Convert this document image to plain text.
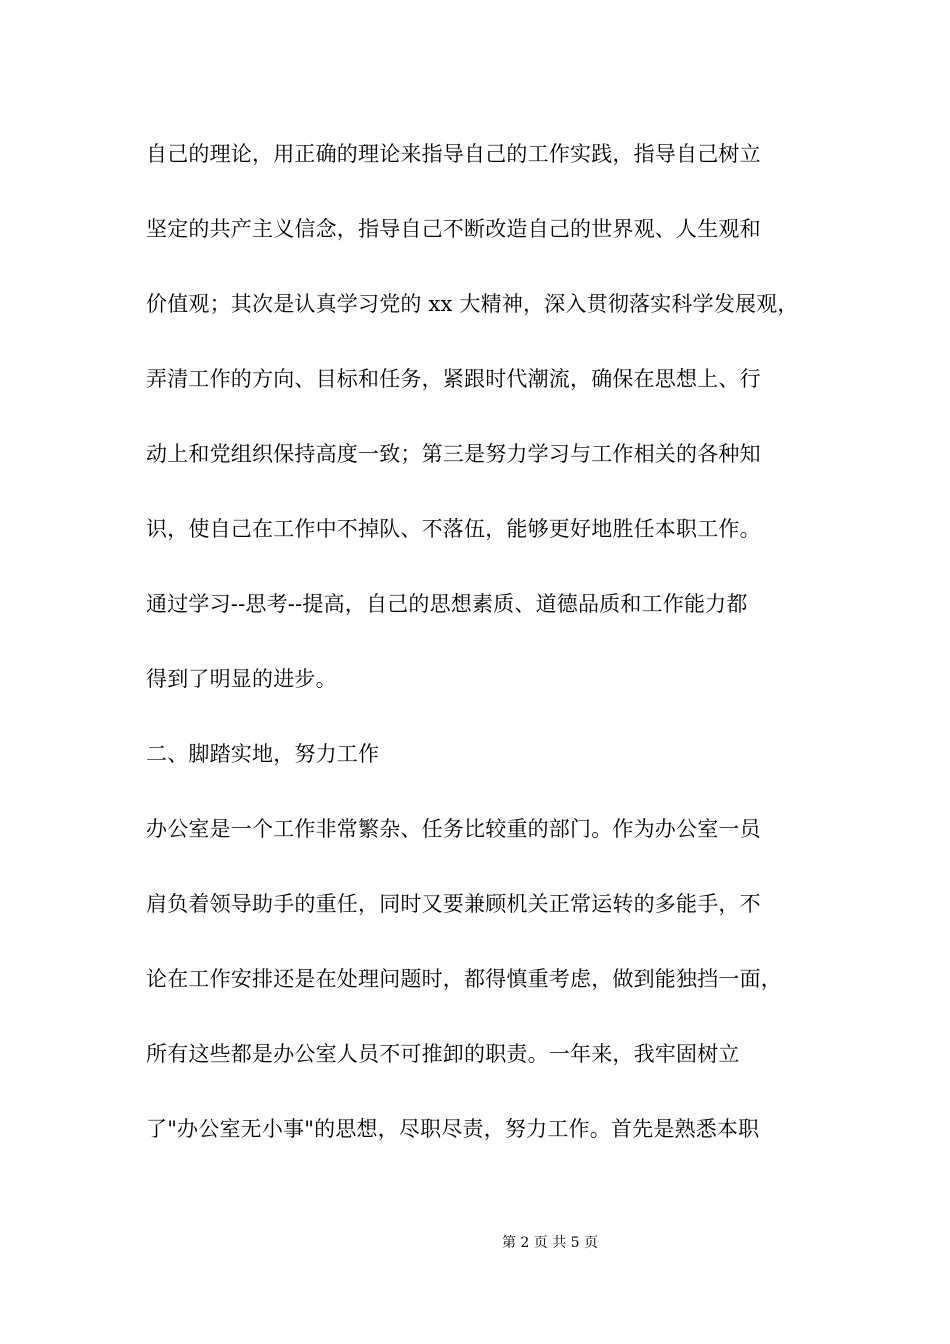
自己的理论，用正确的理论来指导自己的工作实践，指导自己树立
坚定的共产主义信念，指导自己不断改造自己的世界观、人生观和
价值观；其次是认真学习党的 xx 大精神，深入贯彻落实科学发展观，
弄清工作的方向、目标和任务，紧跟时代潮流，确保在思想上、行
动上和党组织保持高度一致；第三是努力学习与工作相关的各种知
识，使自己在工作中不掉队、不落伍，能够更好地胜任本职工作。
通过学习--思考--提高，自己的思想素质、道德品质和工作能力都
得到了明显的进步。
二、脚踏实地，努力工作
办公室是一个工作非常繁杂、任务比较重的部门。作为办公室一员
肩负着领导助手的重任，同时又要兼顾机关正常运转的多能手，不
论在工作安排还是在处理问题时，都得慎重考虑，做到能独挡一面，
所有这些都是办公室人员不可推卸的职责。一年来，我牢固树立
了"办公室无小事"的思想，尽职尽责，努力工作。首先是熟悉本职
第 2 页 共 5 页
